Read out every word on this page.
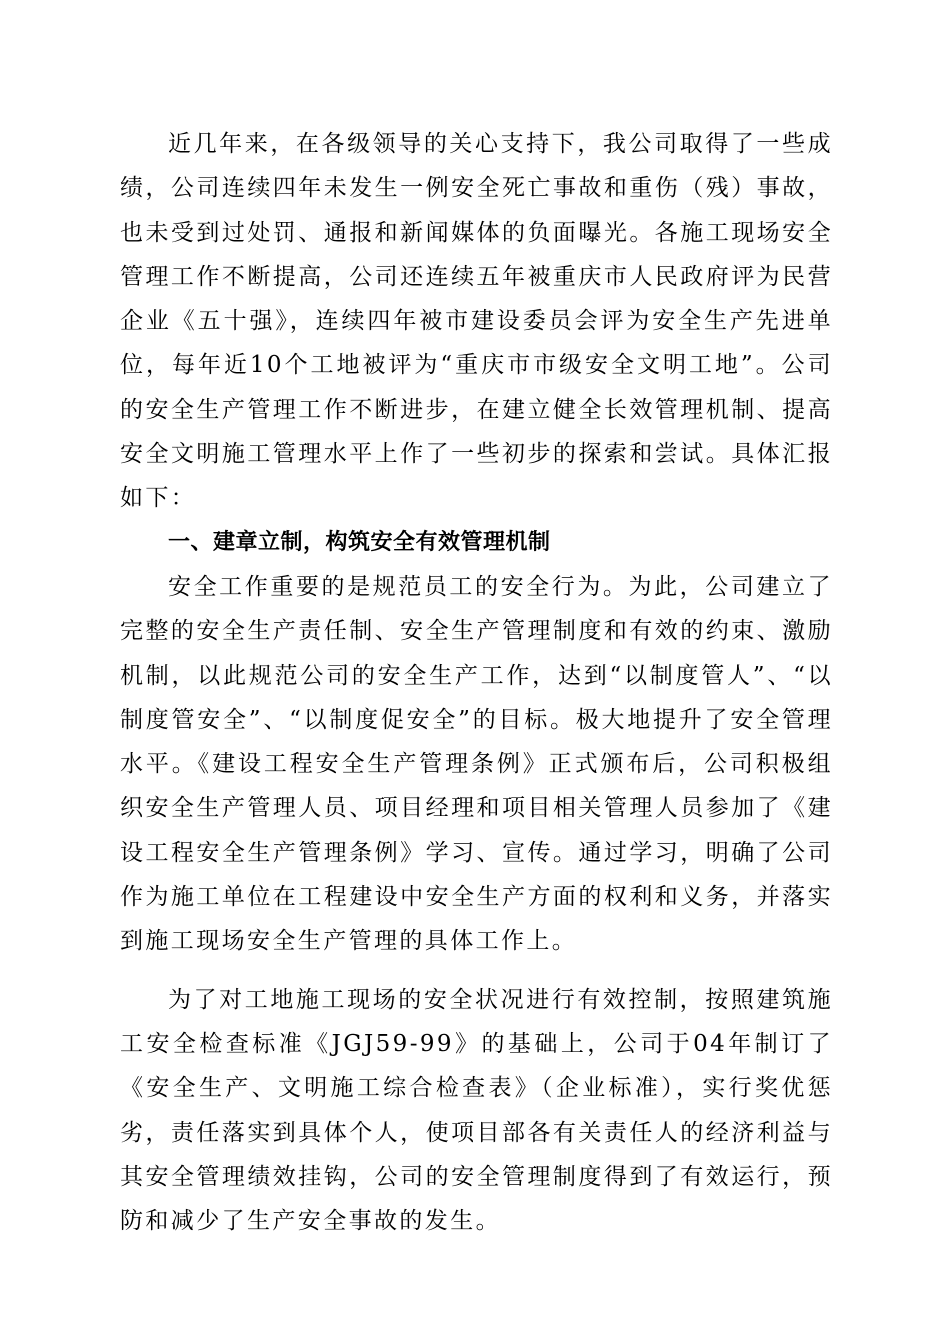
近几年来，在各级领导的关心支持下，我公司取得了一些成绩，公司连续四年未发生一例安全死亡事故和重伤（残）事故，也未受到过处罚、通报和新闻媒体的负面曝光。各施工现场安全管理工作不断提高，公司还连续五年被重庆市人民政府评为民营企业《五十强》，连续四年被市建设委员会评为安全生产先进单位，每年近10个工地被评为“重庆市市级安全文明工地”。公司的安全生产管理工作不断进步，在建立健全长效管理机制、提高安全文明施工管理水平上作了一些初步的探索和尝试。具体汇报如下：

一、建章立制，构筑安全有效管理机制

安全工作重要的是规范员工的安全行为。为此，公司建立了完整的安全生产责任制、安全生产管理制度和有效的约束、激励机制，以此规范公司的安全生产工作，达到“以制度管人”、“以制度管安全”、“以制度促安全”的目标。极大地提升了安全管理水平。《建设工程安全生产管理条例》正式颁布后，公司积极组织安全生产管理人员、项目经理和项目相关管理人员参加了《建设工程安全生产管理条例》学习、宣传。通过学习，明确了公司作为施工单位在工程建设中安全生产方面的权利和义务，并落实到施工现场安全生产管理的具体工作上。

为了对工地施工现场的安全状况进行有效控制，按照建筑施工安全检查标准《JGJ59-99》的基础上，公司于04年制订了《安全生产、文明施工综合检查表》（企业标准），实行奖优惩劣，责任落实到具体个人，使项目部各有关责任人的经济利益与其安全管理绩效挂钩，公司的安全管理制度得到了有效运行，预防和减少了生产安全事故的发生。
